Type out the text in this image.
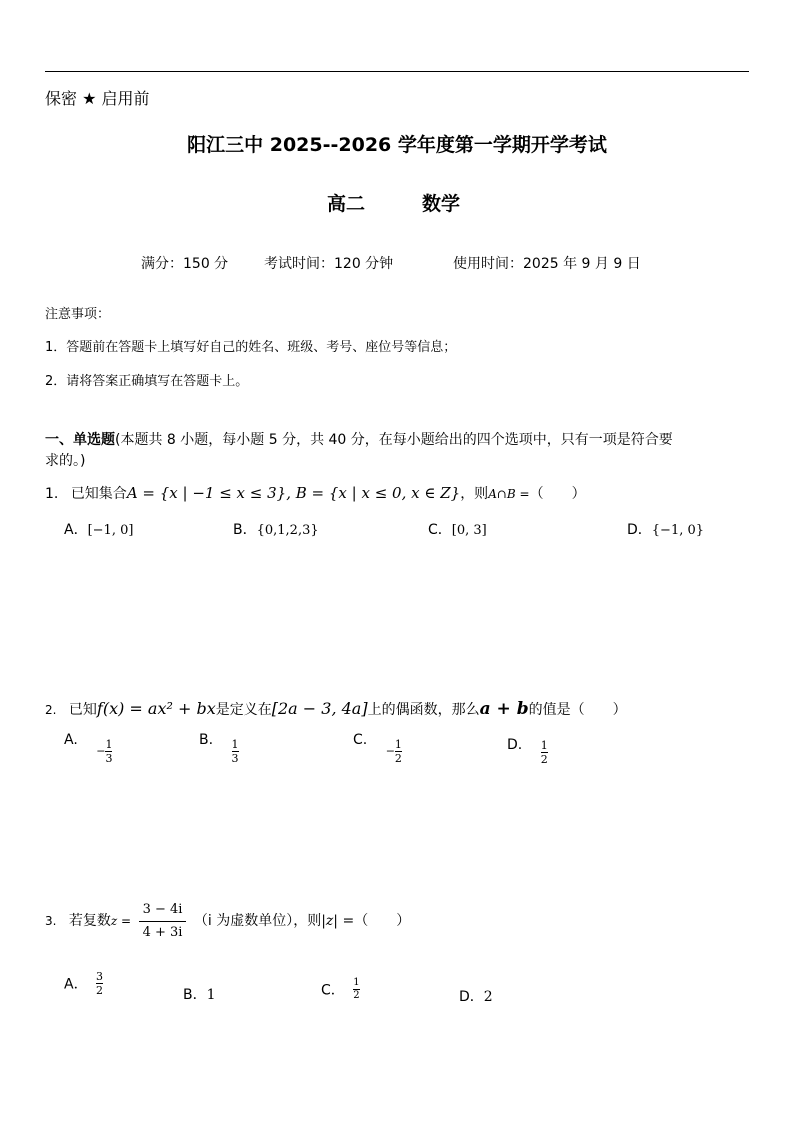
保密 ★ 启用前
阳江三中 2025--2026 学年度第一学期开学考试
高二	数学
满分：150 分	考试时间：120 分钟	使用时间：2025 年 9 月 9 日
注意事项：
1．答题前在答题卡上填写好自己的姓名、班级、考号、座位号等信息；
2．请将答案正确填写在答题卡上。
一、单选题(本题共 8 小题，每小题 5 分，共 40 分，在每小题给出的四个选项中，只有一项是符合要
求的。)
1. 已知集合A = {x | −1 ≤ x ≤ 3}, B = {x | x ≤ 0, x ∈ Z}，则A∩B =（　　）
A．[−1, 0]	B．{0,1,2,3}	C．[0, 3]	D．{−1, 0}
2. 已知f(x) = ax² + bx是定义在[2a − 3, 4a]上的偶函数，那么a + b的值是（　　）
A. − $\frac{1}{3}$	B. $\frac{1}{3}$	C. − $\frac{1}{2}$	D. $\frac{1}{2}$
3. 若复数$z = \frac{3 - 4i}{4 + 3i} (i$ 为虚数单位），则|z| =（　　）
A． $\frac{3}{2}$	B．1	C． $\frac{1}{2}$	D．2
